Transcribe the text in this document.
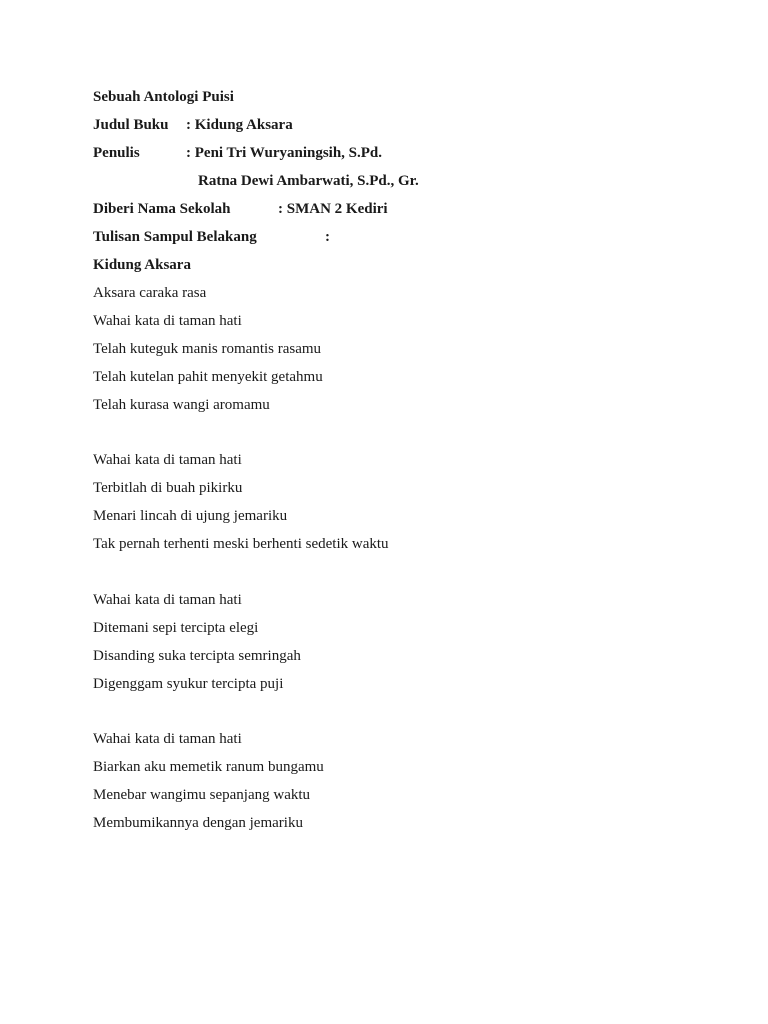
Sebuah Antologi Puisi
Judul Buku : Kidung Aksara
Penulis	: Peni Tri Wuryaningsih, S.Pd.
Ratna Dewi Ambarwati, S.Pd., Gr.
Diberi Nama Sekolah	: SMAN 2 Kediri
Tulisan Sampul Belakang	:
Kidung Aksara
Aksara caraka rasa
Wahai kata di taman hati
Telah kuteguk manis romantis rasamu
Telah kutelan pahit menyekit getahmu
Telah kurasa wangi aromamu
Wahai kata di taman hati
Terbitlah di buah pikirku
Menari lincah di ujung jemariku
Tak pernah terhenti meski berhenti sedetik waktu
Wahai kata di taman hati
Ditemani sepi tercipta elegi
Disanding suka tercipta semringah
Digenggam syukur tercipta puji
Wahai kata di taman hati
Biarkan aku memetik ranum bungamu
Menebar wangimu sepanjang waktu
Membumikannya dengan jemariku
